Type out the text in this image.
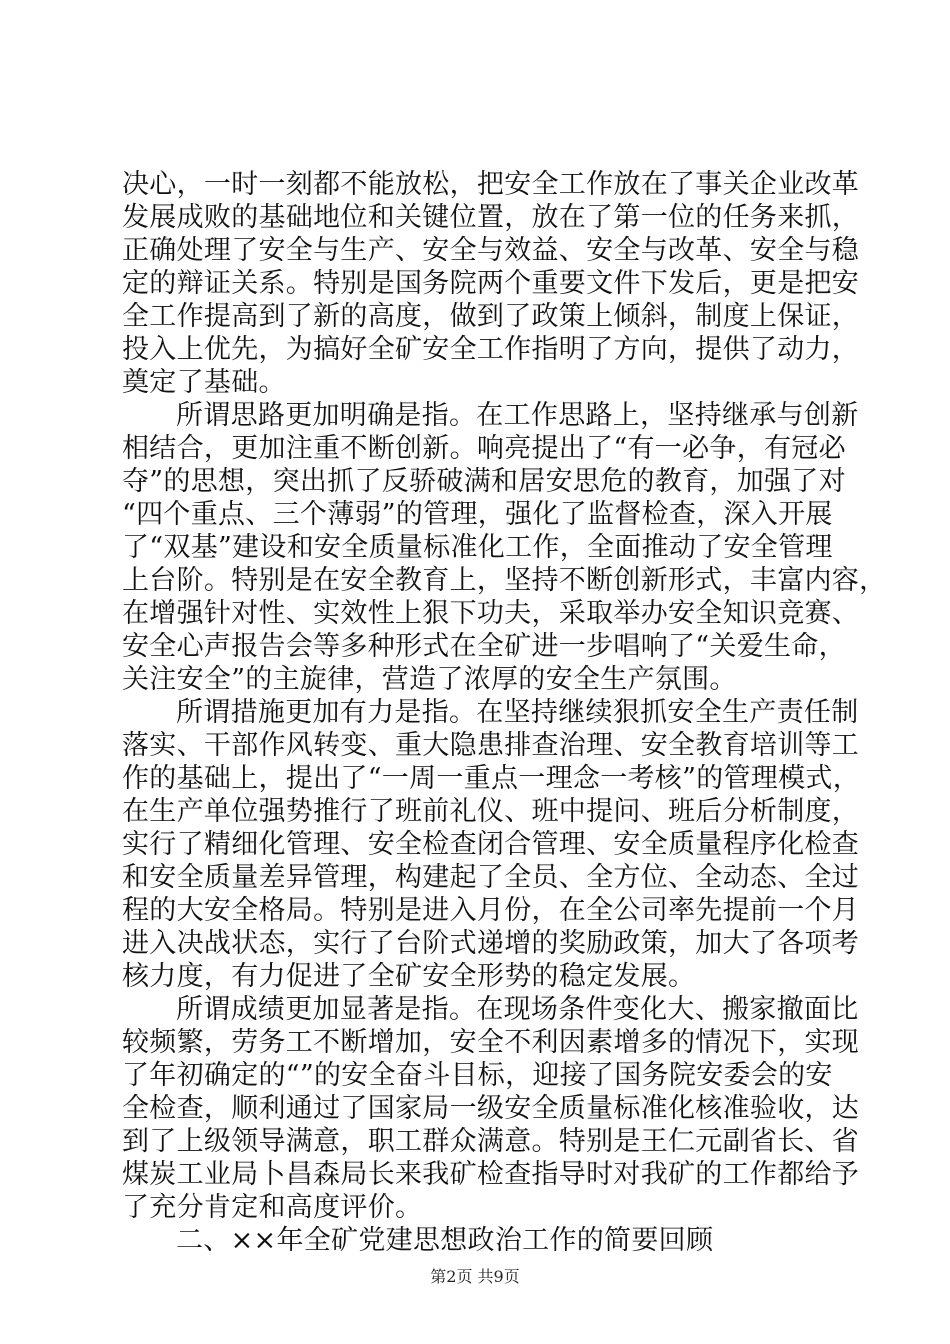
决心，一时一刻都不能放松，把安全工作放在了事关企业改革
发展成败的基础地位和关键位置，放在了第一位的任务来抓，
正确处理了安全与生产、安全与效益、安全与改革、安全与稳
定的辩证关系。特别是国务院两个重要文件下发后，更是把安
全工作提高到了新的高度，做到了政策上倾斜，制度上保证，
投入上优先，为搞好全矿安全工作指明了方向，提供了动力，
奠定了基础。
所谓思路更加明确是指。在工作思路上，坚持继承与创新
相结合，更加注重不断创新。响亮提出了“有一必争，有冠必
夺”的思想，突出抓了反骄破满和居安思危的教育，加强了对
“四个重点、三个薄弱”的管理，强化了监督检查，深入开展
了“双基”建设和安全质量标准化工作，全面推动了安全管理
上台阶。特别是在安全教育上，坚持不断创新形式，丰富内容，
在增强针对性、实效性上狠下功夫，采取举办安全知识竞赛、
安全心声报告会等多种形式在全矿进一步唱响了“关爱生命，
关注安全”的主旋律，营造了浓厚的安全生产氛围。
所谓措施更加有力是指。在坚持继续狠抓安全生产责任制
落实、干部作风转变、重大隐患排查治理、安全教育培训等工
作的基础上，提出了“一周一重点一理念一考核”的管理模式，
在生产单位强势推行了班前礼仪、班中提问、班后分析制度，
实行了精细化管理、安全检查闭合管理、安全质量程序化检查
和安全质量差异管理，构建起了全员、全方位、全动态、全过
程的大安全格局。特别是进入月份，在全公司率先提前一个月
进入决战状态，实行了台阶式递增的奖励政策，加大了各项考
核力度，有力促进了全矿安全形势的稳定发展。
所谓成绩更加显著是指。在现场条件变化大、搬家撤面比
较频繁，劳务工不断增加，安全不利因素增多的情况下，实现
了年初确定的“”的安全奋斗目标，迎接了国务院安委会的安
全检查，顺利通过了国家局一级安全质量标准化核准验收，达
到了上级领导满意，职工群众满意。特别是王仁元副省长、省
煤炭工业局卜昌森局长来我矿检查指导时对我矿的工作都给予
了充分肯定和高度评价。
二、××年全矿党建思想政治工作的简要回顾
第2页 共9页
